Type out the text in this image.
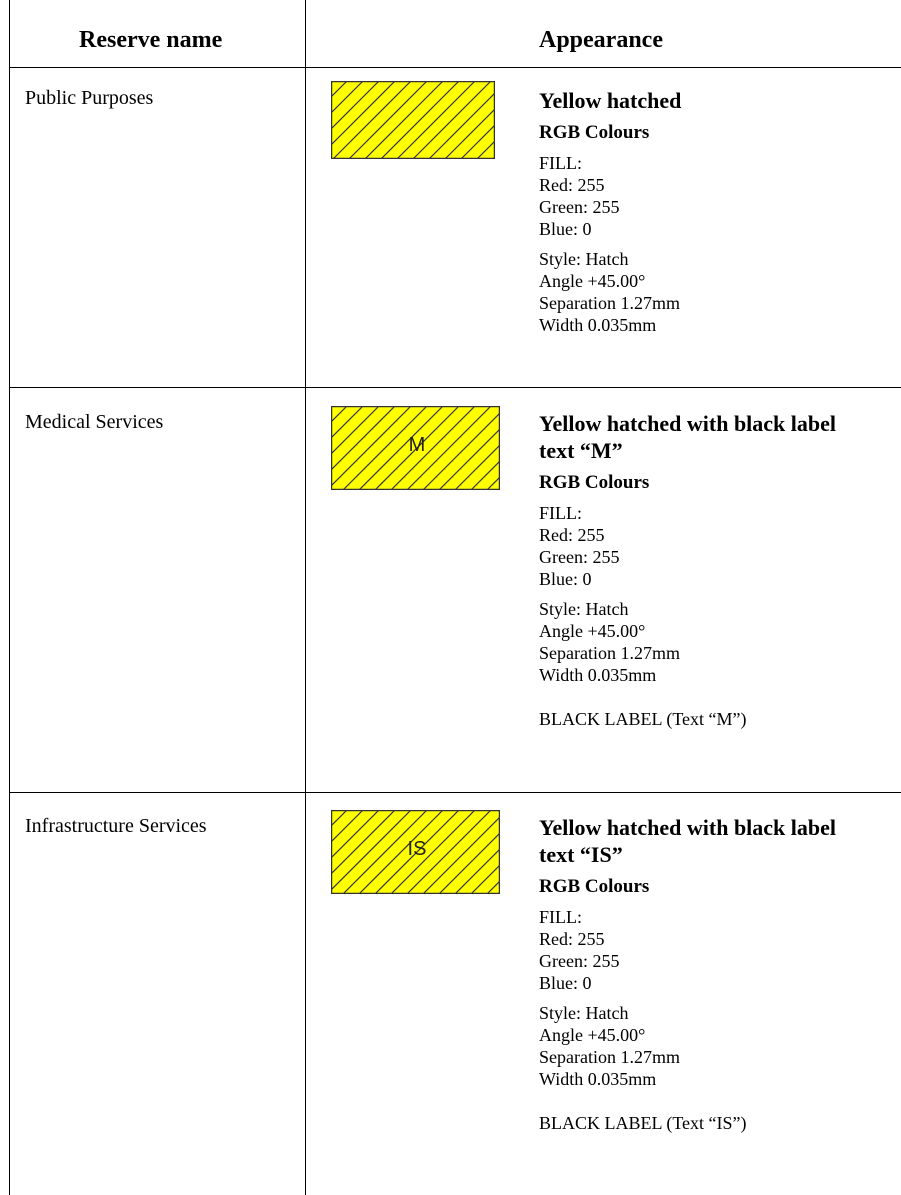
Reserve name	Appearance
Public Purposes	Yellow hatched
RGB Colours
FILL:
Red: 255
Green: 255
Blue: 0
Style: Hatch
Angle +45.00°
Separation 1.27mm
Width 0.035mm
Medical Services
M
Yellow hatched with black label
text “M”
RGB Colours
FILL:
Red: 255
Green: 255
Blue: 0
Style: Hatch
Angle +45.00°
Separation 1.27mm
Width 0.035mm
BLACK LABEL (Text “M”)
Infrastructure Services
IS
Yellow hatched with black label
text “IS”
RGB Colours
FILL:
Red: 255
Green: 255
Blue: 0
Style: Hatch
Angle +45.00°
Separation 1.27mm
Width 0.035mm
BLACK LABEL (Text “IS”)
